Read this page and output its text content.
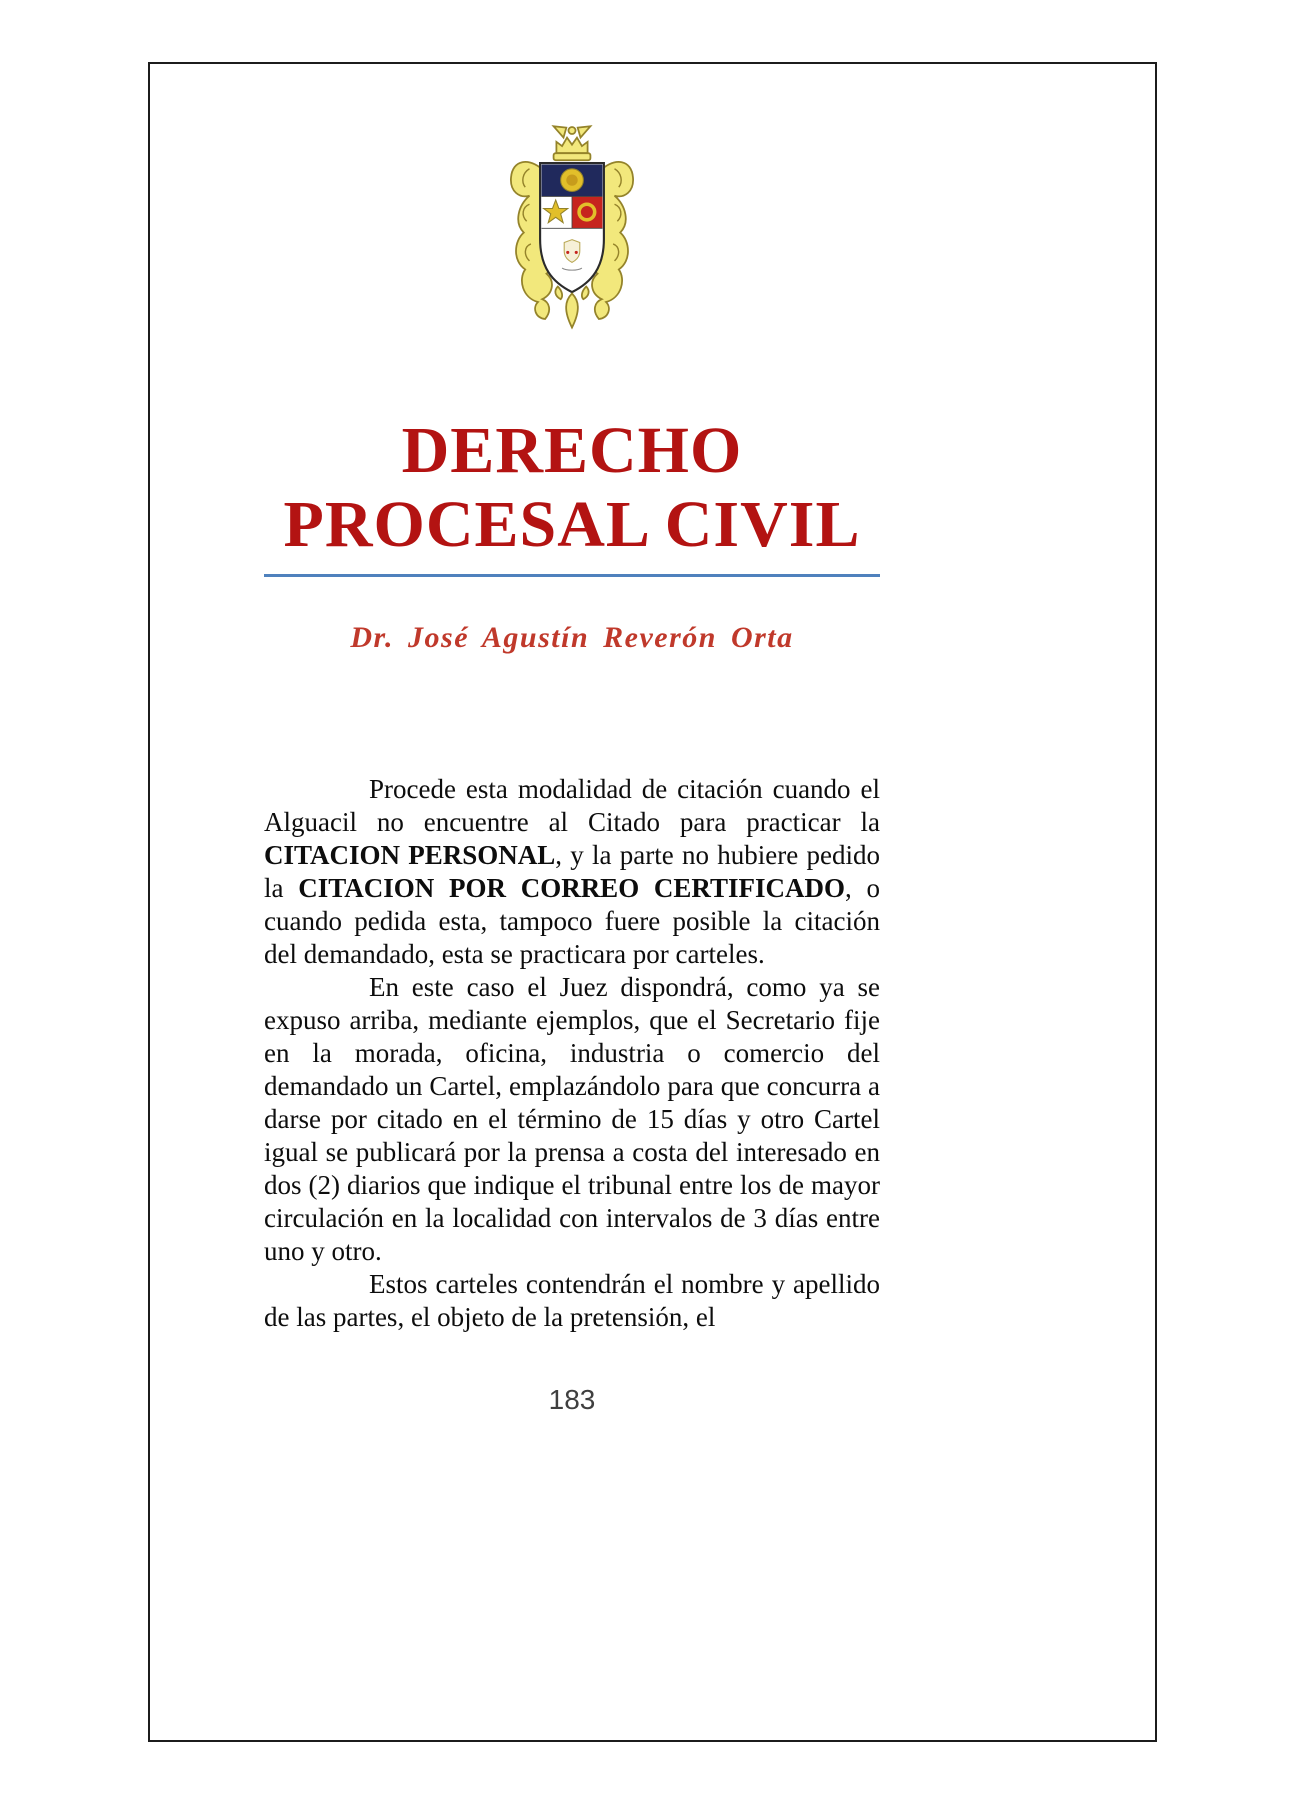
DERECHO
PROCESAL CIVIL
Dr. José Agustín Reverón Orta

Procede esta modalidad de citación cuando el Alguacil no encuentre al Citado para practicar la CITACION PERSONAL, y la parte no hubiere pedido la CITACION POR CORREO CERTIFICADO, o cuando pedida esta, tampoco fuere posible la citación del demandado, esta se practicara por carteles.

En este caso el Juez dispondrá, como ya se expuso arriba, mediante ejemplos, que el Secretario fije en la morada, oficina, industria o comercio del demandado un Cartel, emplazándolo para que concurra a darse por citado en el término de 15 días y otro Cartel igual se publicará por la prensa a costa del interesado en dos (2) diarios que indique el tribunal entre los de mayor circulación en la localidad con intervalos de 3 días entre uno y otro.

Estos carteles contendrán el nombre y apellido de las partes, el objeto de la pretensión, el

183
